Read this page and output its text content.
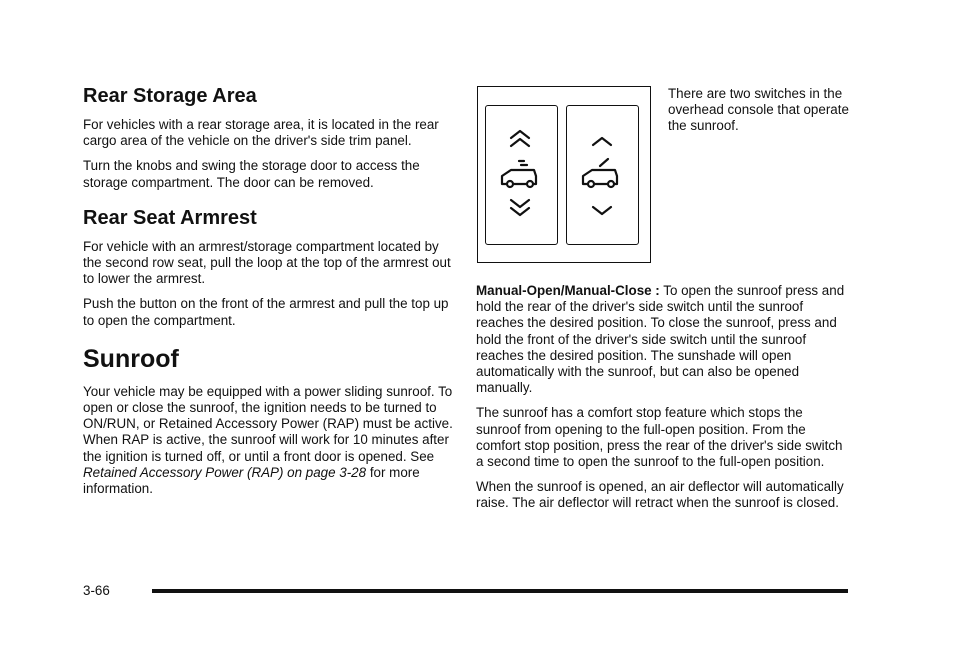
Rear Storage Area

For vehicles with a rear storage area, it is located in the rear cargo area of the vehicle on the driver's side trim panel.

Turn the knobs and swing the storage door to access the storage compartment. The door can be removed.

Rear Seat Armrest

For vehicle with an armrest/storage compartment located by the second row seat, pull the loop at the top of the armrest out to lower the armrest.

Push the button on the front of the armrest and pull the top up to open the compartment.

Sunroof

Your vehicle may be equipped with a power sliding sunroof. To open or close the sunroof, the ignition needs to be turned to ON/RUN, or Retained Accessory Power (RAP) must be active. When RAP is active, the sunroof will work for 10 minutes after the ignition is turned off, or until a front door is opened. See Retained Accessory Power (RAP) on page 3-28 for more information.

There are two switches in the overhead console that operate the sunroof.

Manual-Open/Manual-Close : To open the sunroof press and hold the rear of the driver's side switch until the sunroof reaches the desired position. To close the sunroof, press and hold the front of the driver's side switch until the sunroof reaches the desired position. The sunshade will open automatically with the sunroof, but can also be opened manually.

The sunroof has a comfort stop feature which stops the sunroof from opening to the full-open position. From the comfort stop position, press the rear of the driver's side switch a second time to open the sunroof to the full-open position.

When the sunroof is opened, an air deflector will automatically raise. The air deflector will retract when the sunroof is closed.

3-66
